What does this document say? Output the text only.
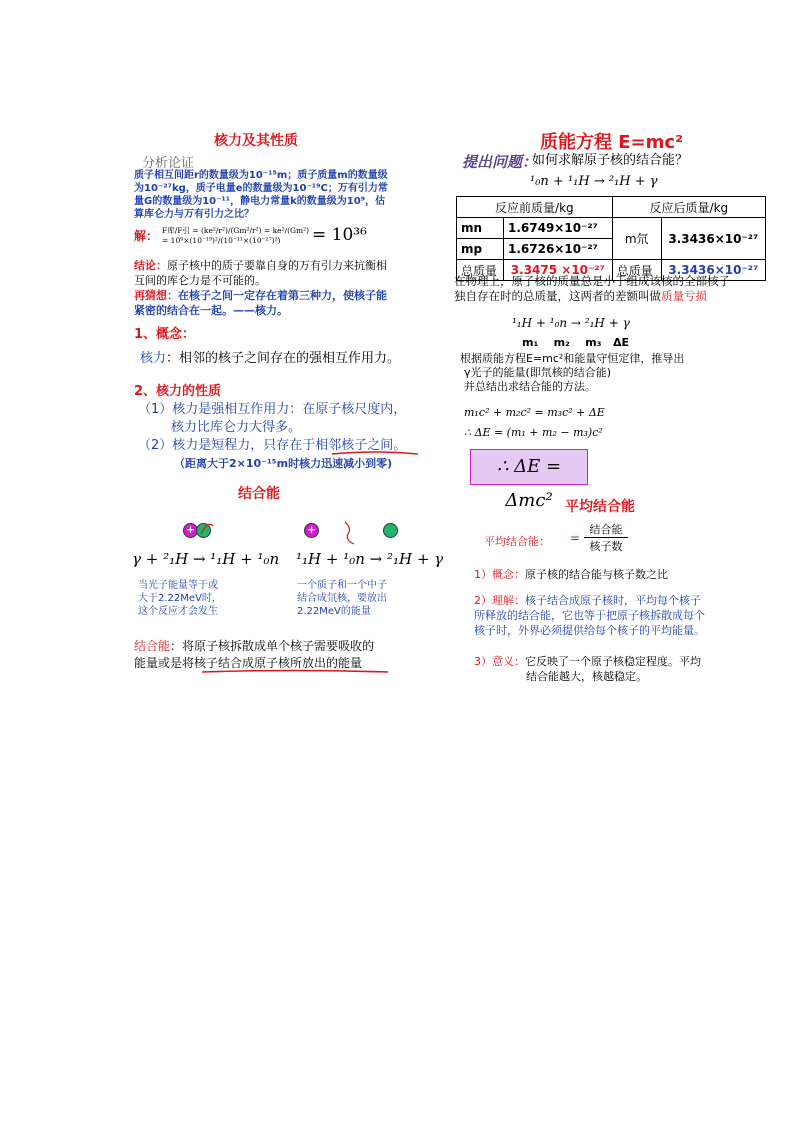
核力及其性质
分析论证
质子相互间距r的数量级为10⁻¹⁵m；质子质量m的数量级为10⁻²⁷kg，质子电量e的数量级为10⁻¹⁹C；万有引力常量G的数量级为10⁻¹¹，静电力常量k的数量级为10⁹，估算库仑力与万有引力之比？
解： F库/F引 = (ke²/r²)/(Gm²/r²) = ke²/(Gm²) = 10⁹×(10⁻¹⁹)²/(10⁻¹¹×(10⁻²⁷)²)	= 10³⁶
结论：原子核中的质子要靠自身的万有引力来抗衡相互间的库仑力是不可能的。
再猜想：在核子之间一定存在着第三种力，使核子能紧密的结合在一起。——核力。
1、概念：
核力：相邻的核子之间存在的强相互作用力。
2、核力的性质
（1）核力是强相互作用力：在原子核尺度内，
核力比库仑力大得多。
（2）核力是短程力，只存在于相邻核子之间。
（距离大于2×10⁻¹⁵m时核力迅速减小到零)
结合能
+	+
γ + ²₁H → ¹₁H + ¹₀n ¹₁H + ¹₀n → ²₁H + γ
当光子能量等于或
大于2.22MeV时，
这个反应才会发生
一个质子和一个中子
结合成氘核，要放出
2.22MeV的能量
结合能：将原子核拆散成单个核子需要吸收的
能量或是将核子结合成原子核所放出的能量
质能方程 E=mc²
提出问题：
如何求解原子核的结合能？
¹₀n + ¹₁H → ²₁H + γ
反应前质量/kg		反应后质量/kg	
mn	1.6749×10⁻²⁷	m氘	3.3436×10⁻²⁷
mp	1.6726×10⁻²⁷		
总质量	3.3475 ×10⁻²⁷	总质量	3.3436×10⁻²⁷
在物理上，原子核的质量总是小于组成该核的全部核子
独自存在时的总质量，这两者的差额叫做质量亏损
¹₁H + ¹₀n → ²₁H + γ
m₁    m₂    m₃   ΔE
根据质能方程E=mc²和能量守恒定律，推导出
γ光子的能量(即氘核的结合能)
并总结出求结合能的方法。
m₁c² + m₂c² = m₃c² + ΔE
∴ ΔE = (m₁ + m₂ − m₃)c²
∴ ΔE = Δmc² 平均结合能
平均结合能： =
结合能
核子数
1）概念：原子核的结合能与核子数之比
2）理解：核子结合成原子核时，平均每个核子
所释放的结合能，它也等于把原子核拆散成每个
核子时，外界必须提供给每个核子的平均能量。
3）意义：它反映了一个原子核稳定程度。平均
结合能越大，核越稳定。
